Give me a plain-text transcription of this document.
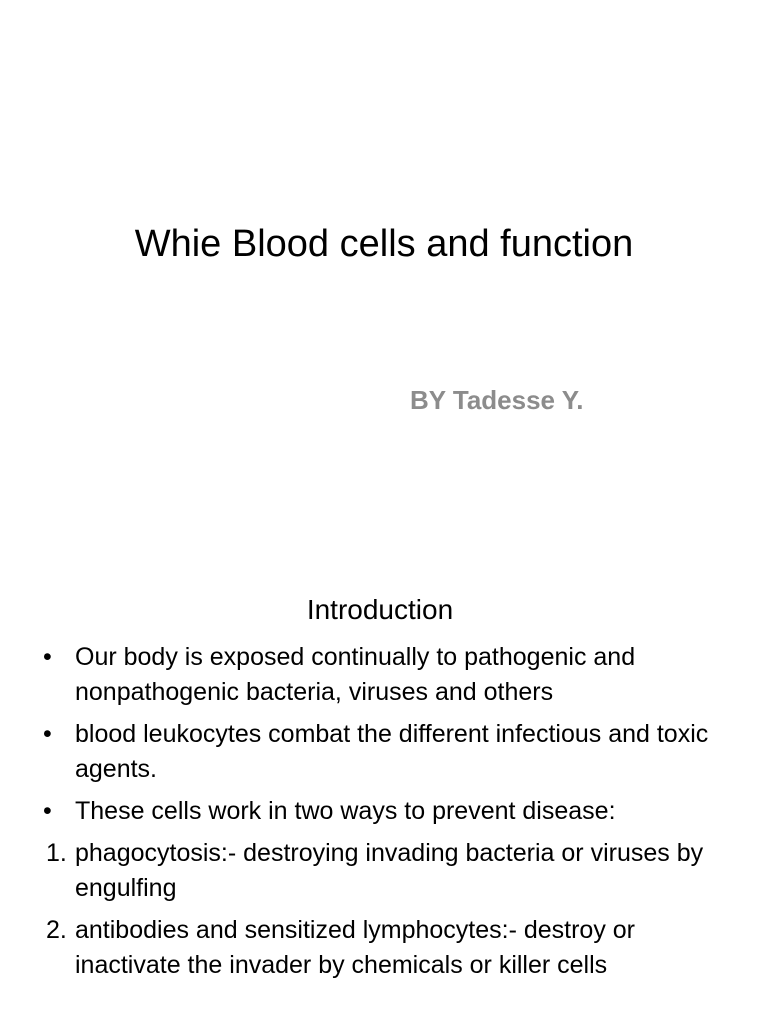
Whie Blood cells and function
BY Tadesse Y.
Introduction
• Our body is exposed continually to pathogenic and nonpathogenic bacteria, viruses and others
• blood leukocytes combat the different infectious and toxic agents.
• These cells work in two ways to prevent disease:
1. phagocytosis:- destroying invading bacteria or viruses by engulfing
2. antibodies and sensitized lymphocytes:- destroy or inactivate the invader by chemicals or killer cells
